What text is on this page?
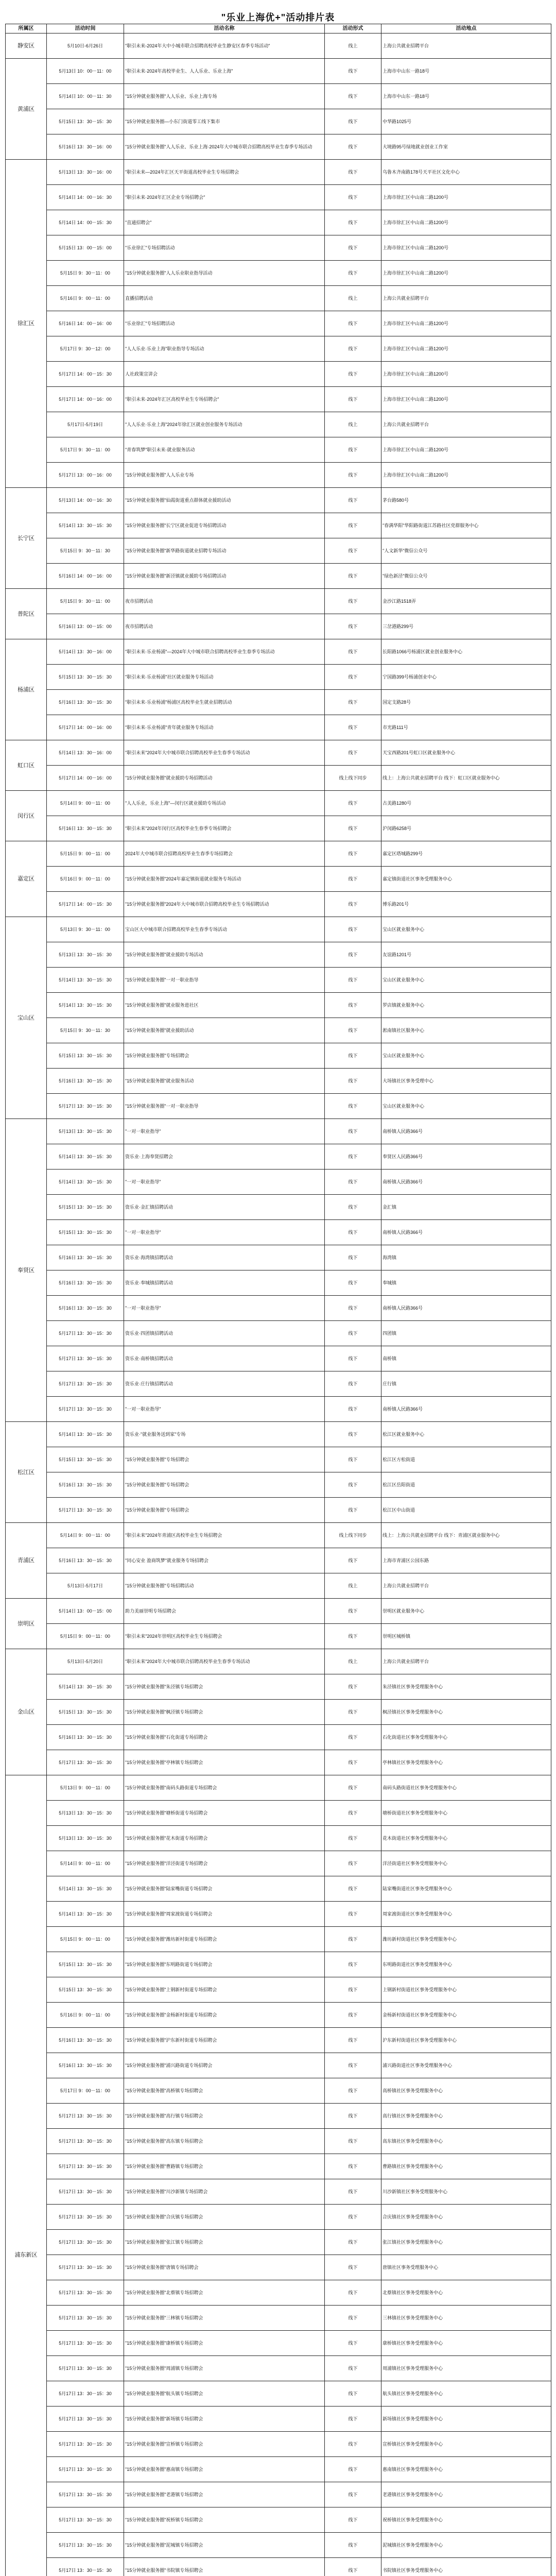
"乐业上海优+"活动排片表
所属区	活动时间	活动名称	活动形式	活动地点
静安区	5月10日-6月26日	"职引未来-2024年大中小城市联合招聘高校毕业生静安区春季专场活动"	线上	上海公共就业招聘平台
黄浦区	5月13日 10：00－11：00	"职引未来·2024年高校毕业生、人人乐业、乐业上海"	线下	上海市中山东一路18号
	5月14日 10：00－11：30	"15分钟就业服务圈"人人乐业、乐业上海专场	线下	上海市中山东一路18号
	5月15日 13：30－15：30	"15分钟就业服务圈—小东门街道零工线下集市	线下	中华路1025号
	5月16日 13：30－16：00	"15分钟就业服务圈"人人乐业、乐业上海·2024年大中城市联合招聘高校毕业生春季专场活动	线下	大境路95号绿地就业创业工作室
徐汇区	5月13日 13：30－16：00	"职引未来—2024年汇区天平街道高校毕业生专场招聘会	线下	乌鲁木齐南路178号天平社区文化中心
	5月14日 14：00－16：30	"职引未来·2024年汇区企业专场招聘会"	线下	上海市徐汇区中山南二路1200号
	5月14日 14：00－15：30	"直通招聘会"	线下	上海市徐汇区中山南二路1200号
	5月15日 13：00－15：00	"乐业徐汇"专场招聘活动	线下	上海市徐汇区中山南二路1200号
	5月15日 9：30－11：00	"15分钟就业服务圈"人人乐业职业指导活动	线下	上海市徐汇区中山南二路1200号
	5月16日 9：00－11：00	直播招聘活动	线上	上海公共就业招聘平台
	5月16日 14：00－16：00	"乐业徐汇"专场招聘活动	线下	上海市徐汇区中山南二路1200号
	5月17日 9：30－12：00	"人人乐业·乐业上海"职业指导专场活动	线下	上海市徐汇区中山南二路1200号
	5月17日 14：00－15：30	人社政策宣讲会	线下	上海市徐汇区中山南二路1200号
	5月17日 14：00－16：00	"职引未来·2024年汇区高校毕业生专场招聘会"	线下	上海市徐汇区中山南二路1200号
	5月17日-5月19日	"人人乐业·乐业上海"2024年徐汇区就业创业服务专场活动	线上	上海公共就业招聘平台
	5月17日 9：30－11：00	"青春筑梦"职引未来·就业服务活动	线下	上海市徐汇区中山南二路1200号
	5月17日 13：00－16：00	"15分钟就业服务圈"人人乐业专场	线下	上海市徐汇区中山南二路1200号
长宁区	5月13日 14：00－16：30	"15分钟就业服务圈"仙霞街道重点群体就业援助活动	线下	茅台路580号
	5月14日 13：30－15：30	"15分钟就业服务圈"长宁区就业促进专场招聘活动	线下	"春满华阳"华阳路街道江苏路社区党群服务中心
	5月15日 9：30－11：30	"15分钟就业服务圈"新华路街道就业招聘专场活动	线下	"人文新华"微信公众号
	5月16日 14：00－16：00	"15分钟就业服务圈"新泾镇就业援助专场招聘活动	线下	"绿色新泾"微信公众号
普陀区	5月15日 9：30－11：00	夜市招聘活动	线下	金沙江路1518弄
	5月16日 13：00－15：00	夜市招聘活动	线下	三岔港路299号
杨浦区	5月14日 13：30－16：00	"职引未来·乐业杨浦"—2024年大中城市联合招聘高校毕业生春季专场活动	线下	长阳路1066号杨浦区就业创业服务中心
	5月15日 13：30－15：30	"职引未来·乐业杨浦"社区就业服务专场活动	线下	宁国路399号杨浦创业中心
	5月16日 13：30－15：30	"职引未来·乐业杨浦"杨浦区高校毕业生就业招聘活动	线下	国定支路28号
	5月17日 14：00－16：00	"职引未来·乐业杨浦"青年就业服务专场活动	线下	市光路111号
虹口区	5月14日 13：30－16：00	"职引未来"2024年大中城市联合招聘高校毕业生春季专场活动	线下	天宝西路201号虹口区就业服务中心
	5月17日 14：00－16：00	"15分钟就业服务圈"就业援助专场招聘活动	线上线下同步	线上：上海公共就业招聘平台 线下：虹口区就业服务中心
闵行区	5月14日 9：00－11：00	"人人乐业，乐业上海"—闵行区就业援助专场活动	线下	古美路1280号
	5月16日 13：30－15：30	"职引未来"2024年闵行区高校毕业生春季专场招聘会	线下	沪闵路6258号
嘉定区	5月15日 9：00－11：00	2024年大中城市联合招聘高校毕业生春季专场招聘会	线下	嘉定区塔城路299号
	5月16日 9：00－11：00	"15分钟就业服务圈"2024年嘉定镇街道就业服务专场活动	线下	嘉定镇街道社区事务受理服务中心
	5月17日 14：00－15：30	"15分钟就业服务圈"2024年大中城市联合招聘高校毕业生专场招聘活动	线下	博乐路201号
宝山区	5月13日 9：30－11：00	宝山区大中城市联合招聘高校毕业生春季专场活动	线下	宝山区就业服务中心
	5月13日 13：30－15：30	"15分钟就业服务圈"就业援助专场活动	线下	友谊路1201号
	5月14日 13：30－15：30	"15分钟就业服务圈"一对一职业指导	线下	宝山区就业服务中心
	5月14日 13：30－15：30	"15分钟就业服务圈"就业服务进社区	线下	罗店镇就业服务中心
	5月15日 9：30－11：30	"15分钟就业服务圈"就业援助活动	线下	淞南镇社区服务中心
	5月15日 13：30－15：30	"15分钟就业服务圈"专场招聘会	线下	宝山区就业服务中心
	5月16日 13：30－15：30	"15分钟就业服务圈"就业服务活动	线下	大场镇社区事务受理中心
	5月17日 13：30－15：30	"15分钟就业服务圈"一对一职业指导	线下	宝山区就业服务中心
奉贤区	5月13日 13：30－15：30	"一对一职业指导"	线下	南桥镇人民路366号
	5月14日 13：30－15：30	资乐业·上海奉贤招聘会	线下	奉贤区人民路366号
	5月14日 13：30－15：30	"一对一职业指导"	线下	南桥镇人民路366号
	5月15日 13：30－15：30	资乐业·金汇镇招聘活动	线下	金汇镇
	5月15日 13：30－15：30	"一对一职业指导"	线下	南桥镇人民路366号
	5月16日 13：30－15：30	资乐业·海湾镇招聘活动	线下	海湾镇
	5月16日 13：30－15：30	资乐业·奉城镇招聘活动	线下	奉城镇
	5月16日 13：30－15：30	"一对一职业指导"	线下	南桥镇人民路366号
	5月17日 13：30－15：30	资乐业·四团镇招聘活动	线下	四团镇
	5月17日 13：30－15：30	资乐业·南桥镇招聘活动	线下	南桥镇
	5月17日 13：30－15：30	资乐业·庄行镇招聘活动	线下	庄行镇
	5月17日 13：30－15：30	"一对一职业指导"	线下	南桥镇人民路366号
松江区	5月14日 13：30－15：30	资乐业·"就业服务送到家"专场	线下	松江区就业服务中心
	5月15日 13：30－15：30	"15分钟就业服务圈"专场招聘会	线下	松江区方松街道
	5月16日 13：30－15：30	"15分钟就业服务圈"专场招聘会	线下	松江区岳阳街道
	5月17日 13：30－15：30	"15分钟就业服务圈"专场招聘会	线下	松江区中山街道
青浦区	5月14日 9：00－11：00	"职引未来"2024年青浦区高校毕业生专场招聘会	线上线下同步	线上：上海公共就业招聘平台 线下：青浦区就业服务中心
	5月16日 13：30－15：30	"同心安业 盈商筑梦"就业服务专场招聘会	线下	上海市青浦区公园东路
	5月13日-5月17日	"15分钟就业服务圈"专场招聘活动	线上	上海公共就业招聘平台
崇明区	5月14日 13：00－15：00	助力美丽崇明专场招聘会	线下	崇明区就业服务中心
	5月15日 9：00－11：00	"职引未来"2024年崇明区高校毕业生专场招聘会	线下	崇明区城桥镇
金山区	5月13日-5月20日	"职引未来"2024年大中城市联合招聘高校毕业生春季专场活动	线上	上海公共就业招聘平台
	5月14日 13：30－15：30	"15分钟就业服务圈"朱泾镇专场招聘会	线下	朱泾镇社区事务受理服务中心
	5月15日 13：30－15：30	"15分钟就业服务圈"枫泾镇专场招聘会	线下	枫泾镇社区事务受理服务中心
	5月16日 13：30－15：30	"15分钟就业服务圈"石化街道专场招聘会	线下	石化街道社区事务受理服务中心
	5月17日 13：30－15：30	"15分钟就业服务圈"亭林镇专场招聘会	线下	亭林镇社区事务受理服务中心
浦东新区	5月13日 9：00－11：00	"15分钟就业服务圈"南码头路街道专场招聘会	线下	南码头路街道社区事务受理服务中心
	5月13日 13：30－15：30	"15分钟就业服务圈"塘桥街道专场招聘会	线下	塘桥街道社区事务受理服务中心
	5月13日 13：30－15：30	"15分钟就业服务圈"花木街道专场招聘会	线下	花木街道社区事务受理服务中心
	5月14日 9：00－11：00	"15分钟就业服务圈"洋泾街道专场招聘会	线下	洋泾街道社区事务受理服务中心
	5月14日 13：30－15：30	"15分钟就业服务圈"陆家嘴街道专场招聘会	线下	陆家嘴街道社区事务受理服务中心
	5月14日 13：30－15：30	"15分钟就业服务圈"周家渡街道专场招聘会	线下	周家渡街道社区事务受理服务中心
	5月15日 9：00－11：00	"15分钟就业服务圈"潍坊新村街道专场招聘会	线下	潍坊新村街道社区事务受理服务中心
	5月15日 13：30－15：30	"15分钟就业服务圈"东明路街道专场招聘会	线下	东明路街道社区事务受理服务中心
	5月15日 13：30－15：30	"15分钟就业服务圈"上钢新村街道专场招聘会	线下	上钢新村街道社区事务受理服务中心
	5月16日 9：00－11：00	"15分钟就业服务圈"金杨新村街道专场招聘会	线下	金杨新村街道社区事务受理服务中心
	5月16日 13：30－15：30	"15分钟就业服务圈"沪东新村街道专场招聘会	线下	沪东新村街道社区事务受理服务中心
	5月16日 13：30－15：30	"15分钟就业服务圈"浦兴路街道专场招聘会	线下	浦兴路街道社区事务受理服务中心
	5月17日 9：00－11：00	"15分钟就业服务圈"高桥镇专场招聘会	线下	高桥镇社区事务受理服务中心
	5月17日 13：30－15：30	"15分钟就业服务圈"高行镇专场招聘会	线下	高行镇社区事务受理服务中心
	5月17日 13：30－15：30	"15分钟就业服务圈"高东镇专场招聘会	线下	高东镇社区事务受理服务中心
	5月17日 13：30－15：30	"15分钟就业服务圈"曹路镇专场招聘会	线下	曹路镇社区事务受理服务中心
	5月17日 13：30－15：30	"15分钟就业服务圈"川沙新镇专场招聘会	线下	川沙新镇社区事务受理服务中心
	5月17日 13：30－15：30	"15分钟就业服务圈"合庆镇专场招聘会	线下	合庆镇社区事务受理服务中心
	5月17日 13：30－15：30	"15分钟就业服务圈"张江镇专场招聘会	线下	张江镇社区事务受理服务中心
	5月17日 13：30－15：30	"15分钟就业服务圈"唐镇专场招聘会	线下	唐镇社区事务受理服务中心
	5月17日 13：30－15：30	"15分钟就业服务圈"北蔡镇专场招聘会	线下	北蔡镇社区事务受理服务中心
	5月17日 13：30－15：30	"15分钟就业服务圈"三林镇专场招聘会	线下	三林镇社区事务受理服务中心
	5月17日 13：30－15：30	"15分钟就业服务圈"康桥镇专场招聘会	线下	康桥镇社区事务受理服务中心
	5月17日 13：30－15：30	"15分钟就业服务圈"周浦镇专场招聘会	线下	周浦镇社区事务受理服务中心
	5月17日 13：30－15：30	"15分钟就业服务圈"航头镇专场招聘会	线下	航头镇社区事务受理服务中心
	5月17日 13：30－15：30	"15分钟就业服务圈"新场镇专场招聘会	线下	新场镇社区事务受理服务中心
	5月17日 13：30－15：30	"15分钟就业服务圈"宣桥镇专场招聘会	线下	宣桥镇社区事务受理服务中心
	5月17日 13：30－15：30	"15分钟就业服务圈"惠南镇专场招聘会	线下	惠南镇社区事务受理服务中心
	5月17日 13：30－15：30	"15分钟就业服务圈"老港镇专场招聘会	线下	老港镇社区事务受理服务中心
	5月17日 13：30－15：30	"15分钟就业服务圈"祝桥镇专场招聘会	线下	祝桥镇社区事务受理服务中心
	5月17日 13：30－15：30	"15分钟就业服务圈"泥城镇专场招聘会	线下	泥城镇社区事务受理服务中心
	5月17日 13：30－15：30	"15分钟就业服务圈"书院镇专场招聘会	线下	书院镇社区事务受理服务中心
